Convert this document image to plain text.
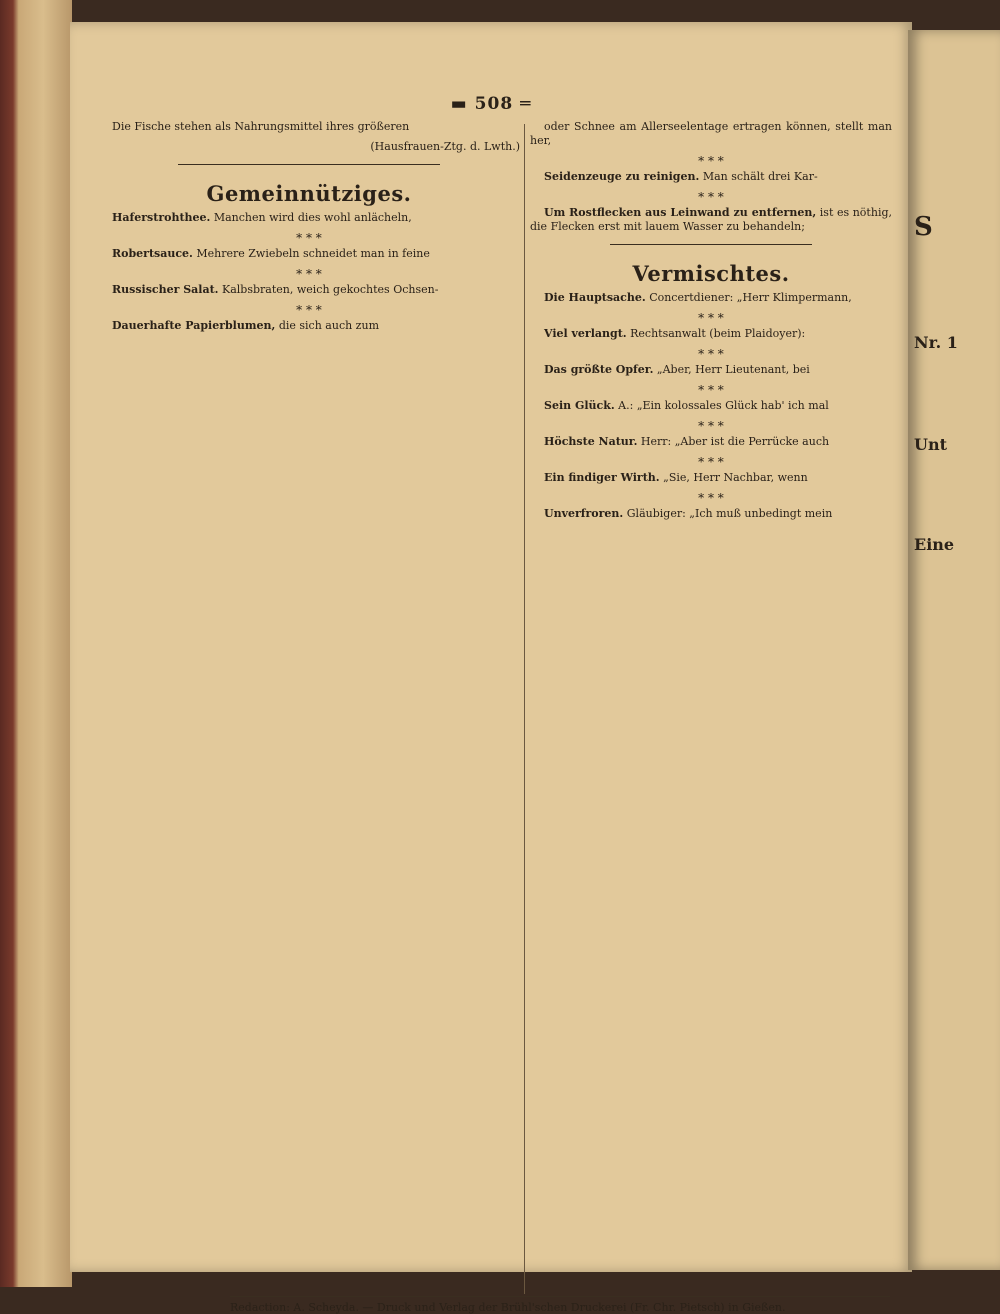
▬ 508 ═

Die Fische stehen als Nahrungsmittel ihres größeren

(Hausfrauen-Ztg. d. Lwth.)
Gemeinnütziges.

Haferstrohthee. Manchen wird dies wohl anlächeln,

* * *

Robertsauce. Mehrere Zwiebeln schneidet man in feine

* * *

Russischer Salat. Kalbsbraten, weich gekochtes Ochsen-

* * *

Dauerhafte Papierblumen, die sich auch zum

oder Schnee am Allerseelentage ertragen können, stellt man her,

* * *

Seidenzeuge zu reinigen. Man schält drei Kar-

* * *

Um Rostflecken aus Leinwand zu entfernen, ist es nöthig, die Flecken erst mit lauem Wasser zu behandeln;

Vermischtes.

Die Hauptsache. Concertdiener: „Herr Klimpermann,

* * *

Viel verlangt. Rechtsanwalt (beim Plaidoyer):

* * *

Das größte Opfer. „Aber, Herr Lieutenant, bei

* * *

Sein Glück. A.: „Ein kolossales Glück hab' ich mal

* * *

Höchste Natur. Herr: „Aber ist die Perrücke auch

* * *

Ein findiger Wirth. „Sie, Herr Nachbar, wenn

* * *

Unverfroren. Gläubiger: „Ich muß unbedingt mein

Redaction: A. Scheyda. — Druck und Verlag der Brühl'schen Druckerei (Fr. Chr. Pietsch) in Gießen.
S
Nr. 1
Unt
Eine
